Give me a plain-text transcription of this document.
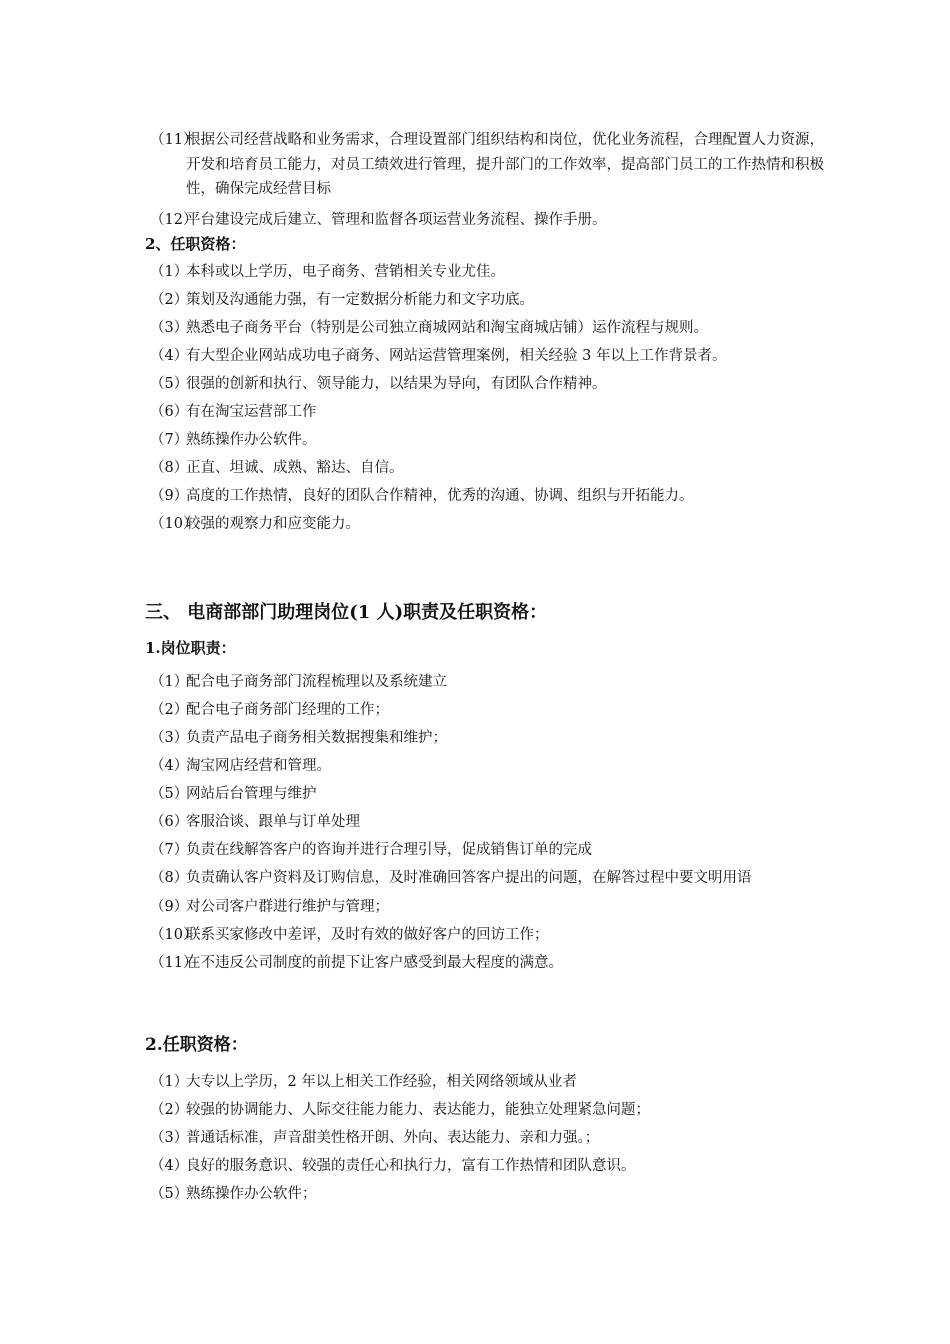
（11）
根据公司经营战略和业务需求，合理设置部门组织结构和岗位，优化业务流程，合理配置人力资源，开发和培育员工能力，对员工绩效进行管理，提升部门的工作效率，提高部门员工的工作热情和积极性，确保完成经营目标
（12）
平台建设完成后建立、管理和监督各项运营业务流程、操作手册。
2、任职资格：
（1）
本科或以上学历，电子商务、营销相关专业尤佳。
（2）
策划及沟通能力强，有一定数据分析能力和文字功底。
（3）
熟悉电子商务平台（特别是公司独立商城网站和淘宝商城店铺）运作流程与规则。
（4）
有大型企业网站成功电子商务、网站运营管理案例，相关经验 3 年以上工作背景者。
（5）
很强的创新和执行、领导能力，以结果为导向，有团队合作精神。
（6）
有在淘宝运营部工作
（7）
熟练操作办公软件。
（8）
正直、坦诚、成熟、豁达、自信。
（9）
高度的工作热情，良好的团队合作精神，优秀的沟通、协调、组织与开拓能力。
（10）
较强的观察力和应变能力。
三、 电商部部门助理岗位(1 人)职责及任职资格：
1.岗位职责：
（1）
配合电子商务部门流程梳理以及系统建立
（2）
配合电子商务部门经理的工作；
（3）
负责产品电子商务相关数据搜集和维护；
（4）
淘宝网店经营和管理。
（5）
网站后台管理与维护
（6）
客服洽谈、跟单与订单处理
（7）
负责在线解答客户的咨询并进行合理引导，促成销售订单的完成
（8）
负责确认客户资料及订购信息，及时准确回答客户提出的问题，在解答过程中要文明用语
（9）
对公司客户群进行维护与管理；
（10）
联系买家修改中差评，及时有效的做好客户的回访工作；
（11）
在不违反公司制度的前提下让客户感受到最大程度的满意。
2.任职资格：
（1）
大专以上学历，2 年以上相关工作经验，相关网络领域从业者
（2）
较强的协调能力、人际交往能力能力、表达能力，能独立处理紧急问题；
（3）
普通话标准，声音甜美性格开朗、外向、表达能力、亲和力强。；
（4）
良好的服务意识、较强的责任心和执行力，富有工作热情和团队意识。
（5）
熟练操作办公软件；
